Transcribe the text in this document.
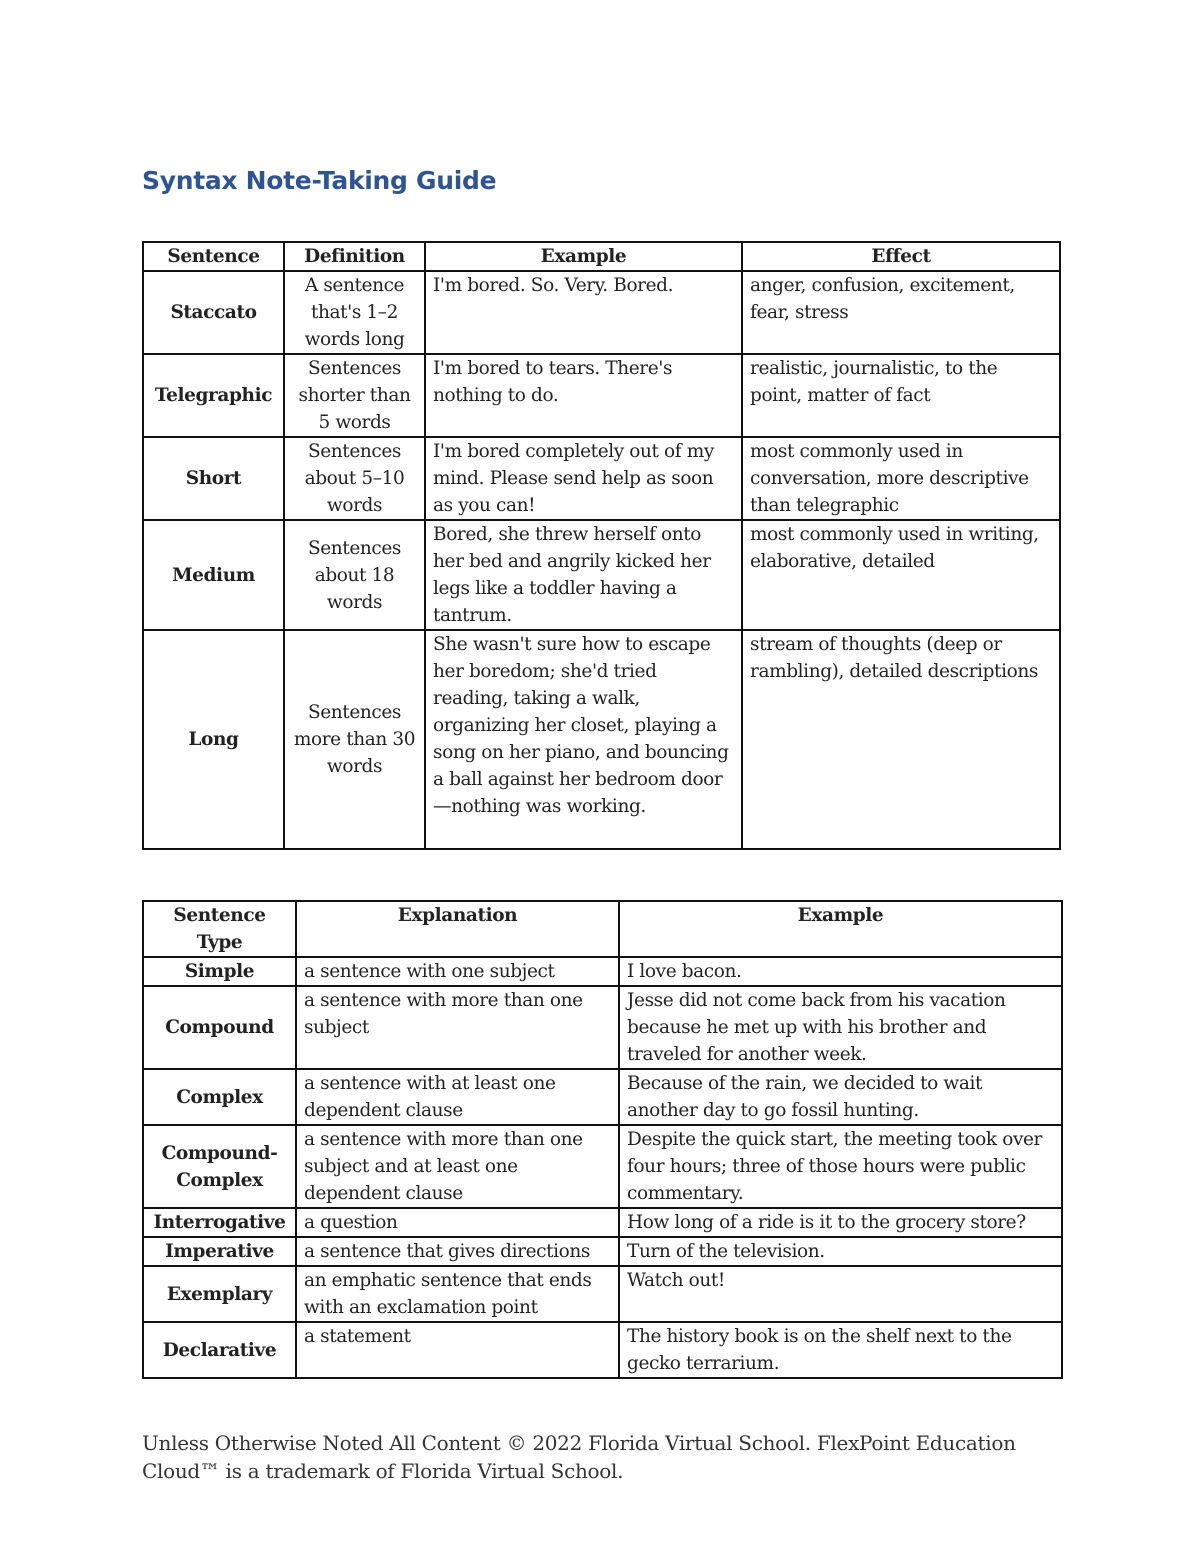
Syntax Note-Taking Guide
Sentence	Definition	Example	Effect
Staccato	A sentence that's 1–2 words long	I'm bored. So. Very. Bored.	anger, confusion, excitement, fear, stress
Telegraphic	Sentences shorter than 5 words	I'm bored to tears. There's nothing to do.	realistic, journalistic, to the point, matter of fact
Short	Sentences about 5–10 words	I'm bored completely out of my mind. Please send help as soon as you can!	most commonly used in conversation, more descriptive than telegraphic
Medium	Sentences about 18 words	Bored, she threw herself onto her bed and angrily kicked her legs like a toddler having a tantrum.	most commonly used in writing, elaborative, detailed
Long	Sentences more than 30 words	She wasn't sure how to escape her boredom; she'd tried reading, taking a walk, organizing her closet, playing a song on her piano, and bouncing a ball against her bedroom door—nothing was working.	stream of thoughts (deep or rambling), detailed descriptions
Sentence Type	Explanation	Example
Simple	a sentence with one subject	I love bacon.
Compound	a sentence with more than one subject	Jesse did not come back from his vacation because he met up with his brother and traveled for another week.
Complex	a sentence with at least one dependent clause	Because of the rain, we decided to wait another day to go fossil hunting.
Compound-Complex	a sentence with more than one subject and at least one dependent clause	Despite the quick start, the meeting took over four hours; three of those hours were public commentary.
Interrogative	a question	How long of a ride is it to the grocery store?
Imperative	a sentence that gives directions	Turn of the television.
Exemplary	an emphatic sentence that ends with an exclamation point	Watch out!
Declarative	a statement	The history book is on the shelf next to the gecko terrarium.

Unless Otherwise Noted All Content © 2022 Florida Virtual School. FlexPoint Education
Cloud™ is a trademark of Florida Virtual School.
